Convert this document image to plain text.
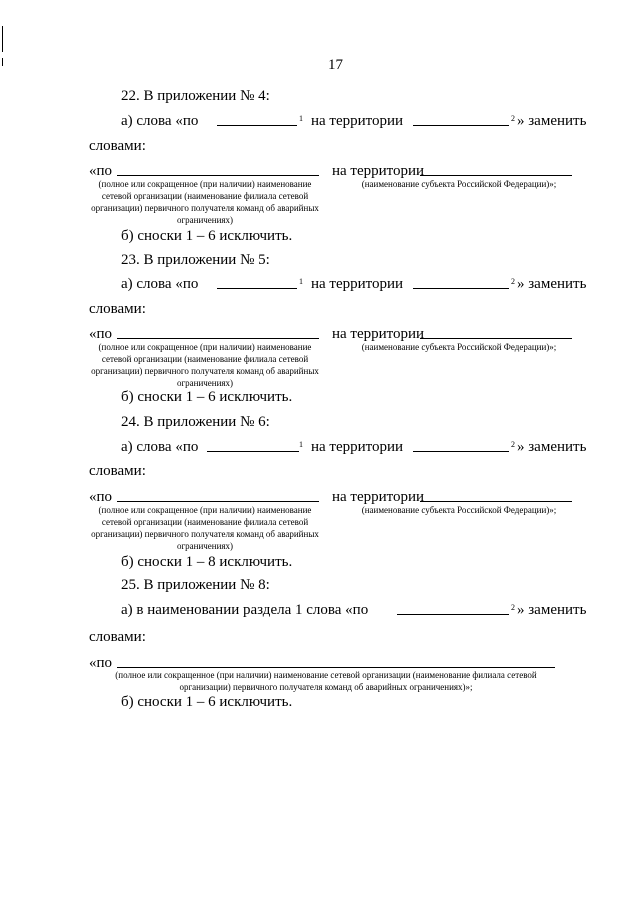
17
22. В приложении № 4:
а) слова «по	1 на территории	2 » заменить
словами:
«по	на территории
(полное или сокращенное (при наличии) наименование сетевой организации (наименование филиала сетевой организации) первичного получателя команд об аварийных ограничениях)
(наименование субъекта Российской Федерации)»;
б) сноски 1 – 6 исключить.
23. В приложении № 5:
а) слова «по	1 на территории	2 » заменить
словами:
«по	на территории
(полное или сокращенное (при наличии) наименование сетевой организации (наименование филиала сетевой организации) первичного получателя команд об аварийных ограничениях)
(наименование субъекта Российской Федерации)»;
б) сноски 1 – 6 исключить.
24. В приложении № 6:
а) слова «по	1 на территории	2 » заменить
словами:
«по	на территории
(полное или сокращенное (при наличии) наименование сетевой организации (наименование филиала сетевой организации) первичного получателя команд об аварийных ограничениях)
(наименование субъекта Российской Федерации)»;
б) сноски 1 – 8 исключить.
25. В приложении № 8:
а) в наименовании раздела 1 слова «по	2 » заменить
словами:
«по
(полное или сокращенное (при наличии) наименование сетевой организации (наименование филиала сетевой организации) первичного получателя команд об аварийных ограничениях)»;
б) сноски 1 – 6 исключить.
